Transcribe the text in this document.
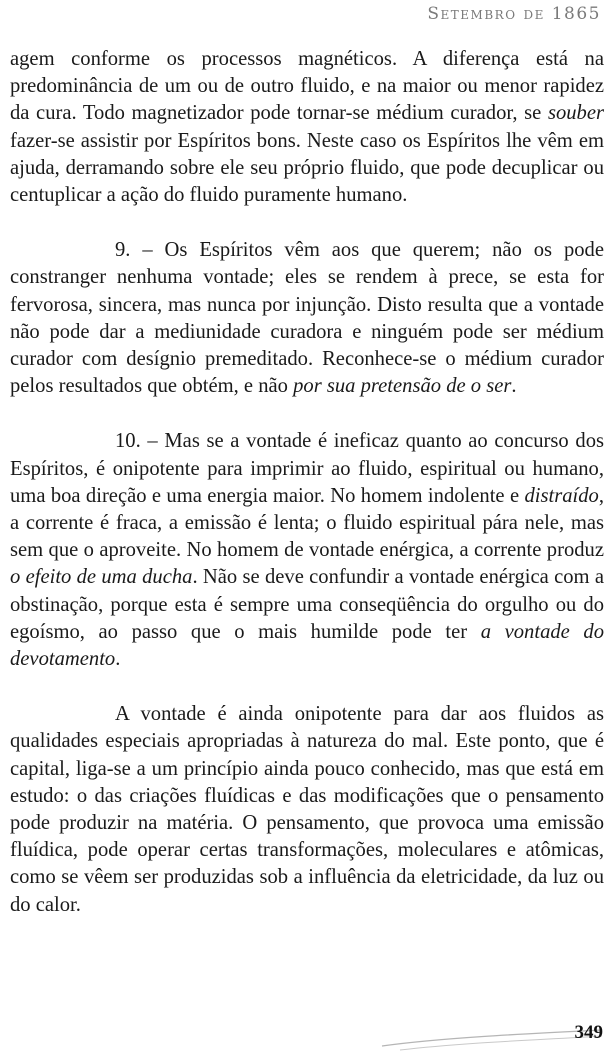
Setembro de 1865

agem conforme os processos magnéticos. A diferença está na predominância de um ou de outro fluido, e na maior ou menor rapidez da cura. Todo magnetizador pode tornar-se médium curador, se souber fazer-se assistir por Espíritos bons. Neste caso os Espíritos lhe vêm em ajuda, derramando sobre ele seu próprio fluido, que pode decuplicar ou centuplicar a ação do fluido puramente humano.

9. – Os Espíritos vêm aos que querem; não os pode constranger nenhuma vontade; eles se rendem à prece, se esta for fervorosa, sincera, mas nunca por injunção. Disto resulta que a vontade não pode dar a mediunidade curadora e ninguém pode ser médium curador com desígnio premeditado. Reconhece-se o médium curador pelos resultados que obtém, e não por sua pretensão de o ser.

10. – Mas se a vontade é ineficaz quanto ao concurso dos Espíritos, é onipotente para imprimir ao fluido, espiritual ou humano, uma boa direção e uma energia maior. No homem indolente e distraído, a corrente é fraca, a emissão é lenta; o fluido espiritual pára nele, mas sem que o aproveite. No homem de vontade enérgica, a corrente produz o efeito de uma ducha. Não se deve confundir a vontade enérgica com a obstinação, porque esta é sempre uma conseqüência do orgulho ou do egoísmo, ao passo que o mais humilde pode ter a vontade do devotamento.

A vontade é ainda onipotente para dar aos fluidos as qualidades especiais apropriadas à natureza do mal. Este ponto, que é capital, liga-se a um princípio ainda pouco conhecido, mas que está em estudo: o das criações fluídicas e das modificações que o pensamento pode produzir na matéria. O pensamento, que provoca uma emissão fluídica, pode operar certas transformações, moleculares e atômicas, como se vêem ser produzidas sob a influência da eletricidade, da luz ou do calor.

349
